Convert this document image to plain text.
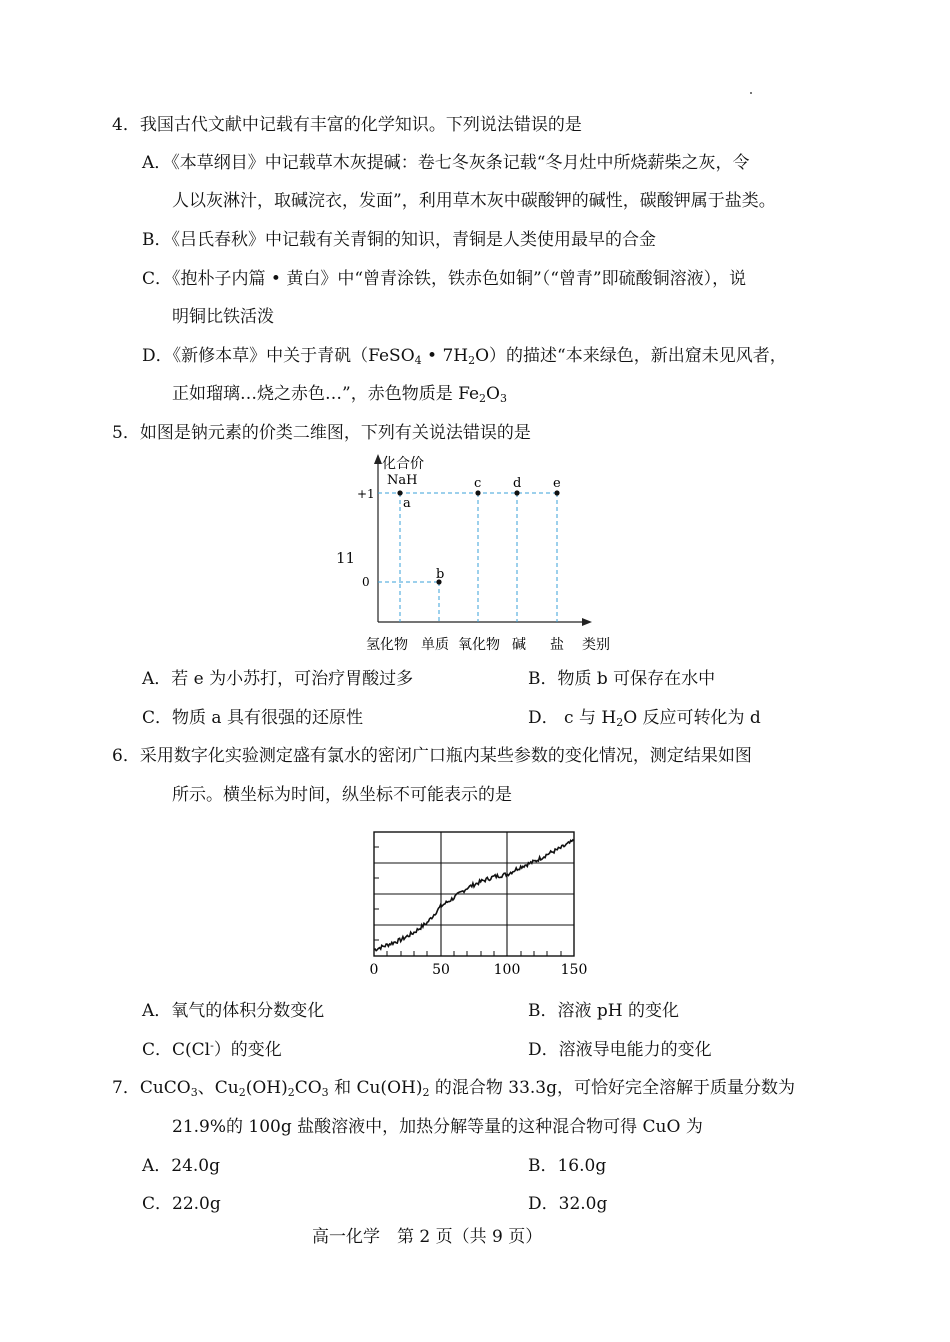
4．我国古代文献中记载有丰富的化学知识。下列说法错误的是
A．《本草纲目》中记载草木灰提碱：卷七冬灰条记载“冬月灶中所烧薪柴之灰，令
人以灰淋汁，取碱浣衣，发面”，利用草木灰中碳酸钾的碱性，碳酸钾属于盐类。
B．《吕氏春秋》中记载有关青铜的知识，青铜是人类使用最早的合金
C．《抱朴子内篇 • 黄白》中“曾青涂铁，铁赤色如铜”（“曾青”即硫酸铜溶液），说
明铜比铁活泼
D．《新修本草》中关于青矾（FeSO$_4$ • $7H_2O$）的描述“本来绿色，新出窟未见风者，
正如瑠璃…烧之赤色…”，赤色物质是 $Fe_2O_3$
5．如图是钠元素的价类二维图，下列有关说法错误的是
11
化合价
类别
+1
0
NaH
a
b
c d e
氢化物 单质 氧化物 碱 盐
A．若 e 为小苏打，可治疗胃酸过多	B．物质 b 可保存在水中
C．物质 a 具有很强的还原性	D． c 与 $H_2O$ 反应可转化为 d
6．采用数字化实验测定盛有氯水的密闭广口瓶内某些参数的变化情况，测定结果如图
所示。横坐标为时间，纵坐标不可能表示的是
0	50	100	150
A．氧气的体积分数变化	B．溶液 pH 的变化
C．C(Cl-）的变化	D．溶液导电能力的变化
7．CuCO$_3$、$Cu_2(OH)_2CO_3$ 和 $Cu(OH)_2$ 的混合物 33.3g，可恰好完全溶解于质量分数为
21.9%的 100g 盐酸溶液中，加热分解等量的这种混合物可得 CuO 为
A．24.0g	B．16.0g
C．22.0g	D．32.0g
高一化学　第 2 页（共 9 页）
